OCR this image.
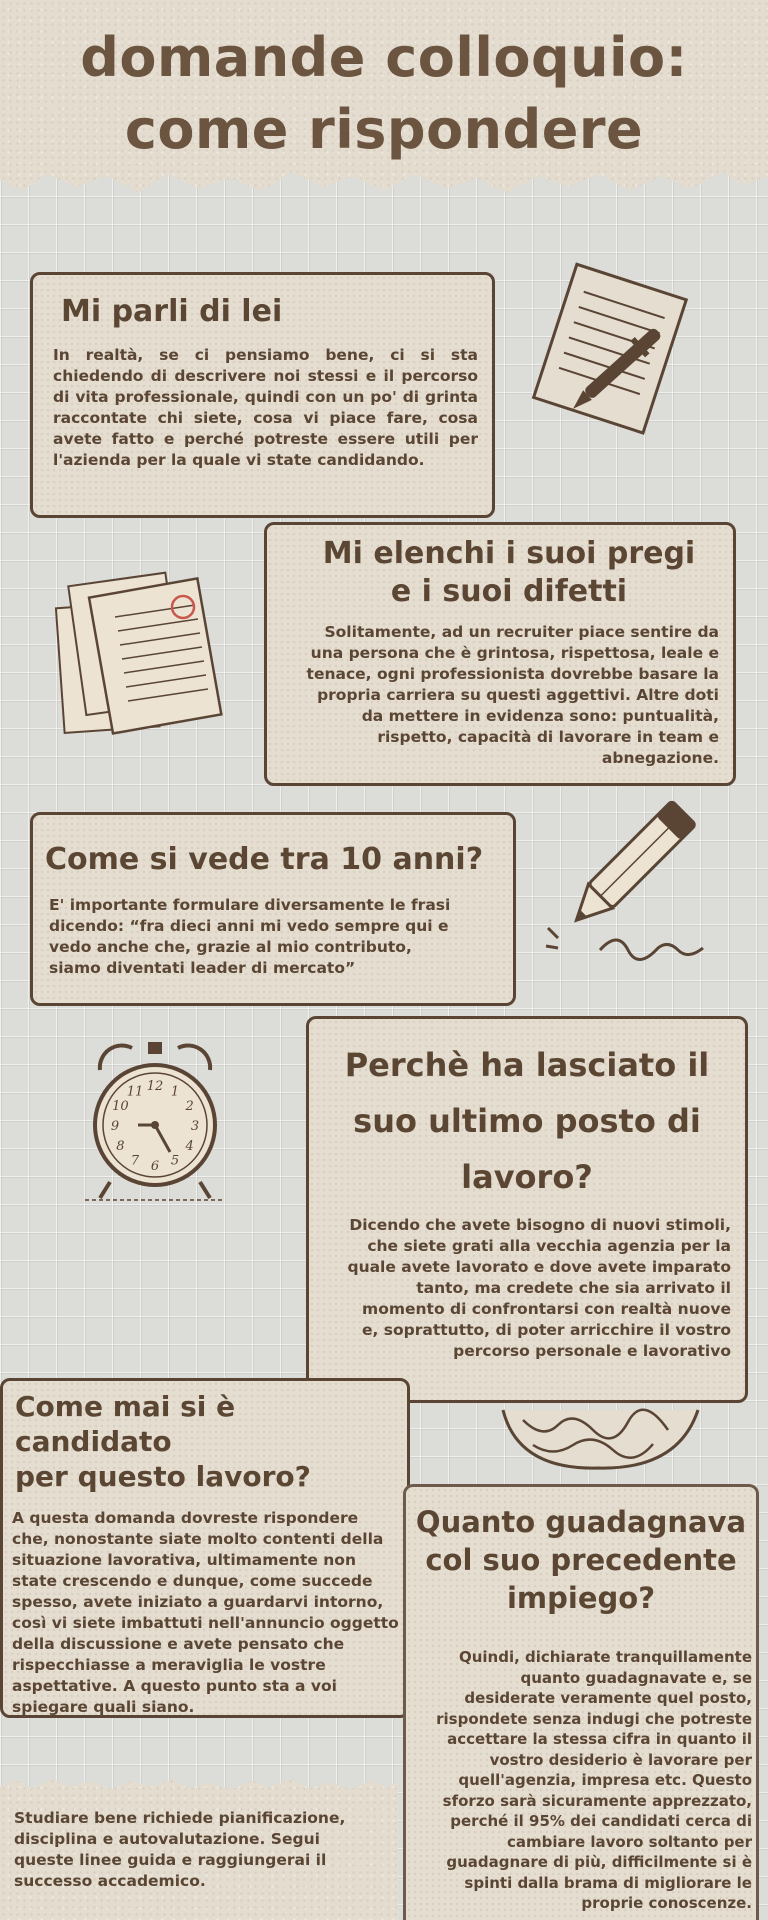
domande colloquio:
come rispondere
Mi parli di lei

In realtà, se ci pensiamo bene, ci si sta chiedendo di descrivere noi stessi e il percorso di vita professionale, quindi con un po' di grinta raccontate chi siete, cosa vi piace fare, cosa avete fatto e perché potreste essere utili per l'azienda per la quale vi state candidando.

Mi elenchi i suoi pregi
e i suoi difetti

Solitamente, ad un recruiter piace sentire da una persona che è grintosa, rispettosa, leale e tenace, ogni professionista dovrebbe basare la propria carriera su questi aggettivi. Altre doti da mettere in evidenza sono: puntualità, rispetto, capacità di lavorare in team e abnegazione.

Come si vede tra 10 anni?

E' importante formulare diversamente le frasi dicendo: “fra dieci anni mi vedo sempre qui e vedo anche che, grazie al mio contributo, siamo diventati leader di mercato”

12 1
2
3
4
5
6
7
8
9
10
11
Perchè ha lasciato il
suo ultimo posto di
lavoro?

Dicendo che avete bisogno di nuovi stimoli, che siete grati alla vecchia agenzia per la quale avete lavorato e dove avete imparato tanto, ma credete che sia arrivato il momento di confrontarsi con realtà nuove e, soprattutto, di poter arricchire il vostro percorso personale e lavorativo

Come mai si è candidato
per questo lavoro?

A questa domanda dovreste rispondere che, nonostante siate molto contenti della situazione lavorativa, ultimamente non state crescendo e dunque, come succede spesso, avete iniziato a guardarvi intorno, così vi siete imbattuti nell'annuncio oggetto della discussione e avete pensato che rispecchiasse a meraviglia le vostre aspettative. A questo punto sta a voi spiegare quali siano.

Quanto guadagnava
col suo precedente
impiego?

Quindi, dichiarate tranquillamente quanto guadagnavate e, se desiderate veramente quel posto, rispondete senza indugi che potreste accettare la stessa cifra in quanto il vostro desiderio è lavorare per quell'agenzia, impresa etc. Questo sforzo sarà sicuramente apprezzato, perché il 95% dei candidati cerca di cambiare lavoro soltanto per guadagnare di più, difficilmente si è spinti dalla brama di migliorare le proprie conoscenze.

Studiare bene richiede pianificazione, disciplina e autovalutazione. Segui queste linee guida e raggiungerai il successo accademico.
